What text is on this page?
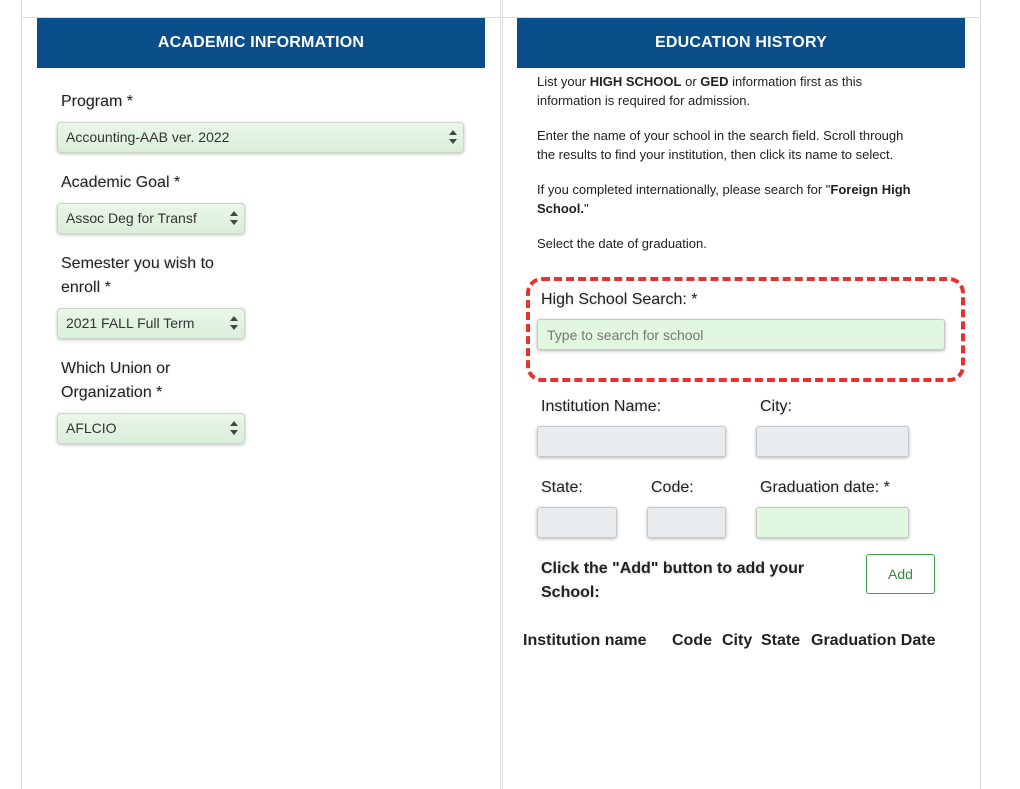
ACADEMIC INFORMATION
Program *
Accounting-AAB ver. 2022
Academic Goal *
Assoc Deg for Transf
Semester you wish to
enroll *
2021 FALL Full Term
Which Union or
Organization *
AFLCIO
EDUCATION HISTORY
List your HIGH SCHOOL or GED information first as this
information is required for admission.
Enter the name of your school in the search field. Scroll through
the results to find your institution, then click its name to select.
If you completed internationally, please search for "Foreign High
School."
Select the date of graduation.
High School Search: *
Type to search for school
Institution Name:	City:
State:	Code:	Graduation date: *
Click the "Add" button to add your
School:
Add
Institution name Code City State Graduation Date
